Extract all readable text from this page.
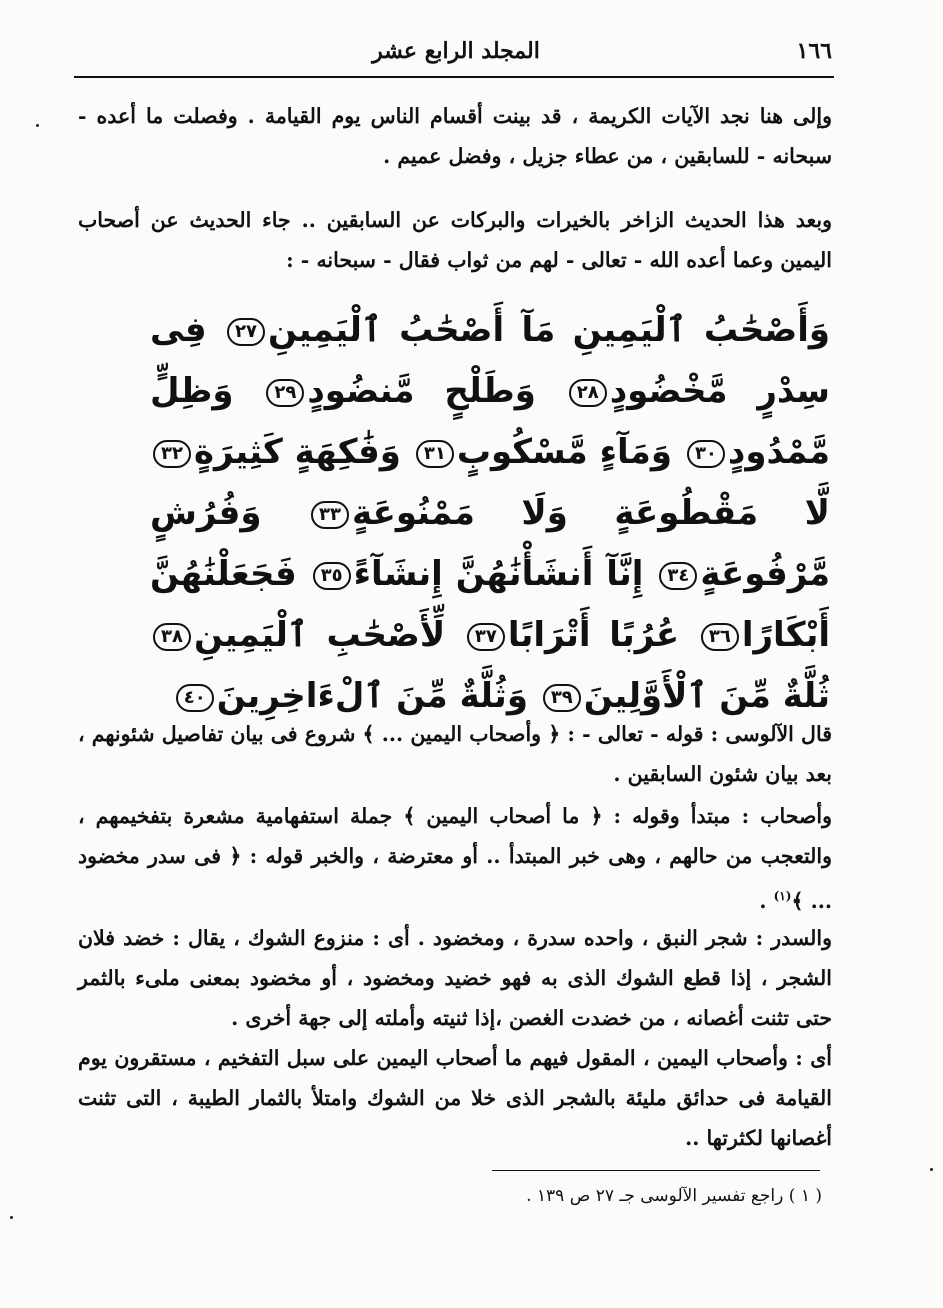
١٦٦
المجلد الرابع عشر

وإلى هنا نجد الآيات الكريمة ، قد بينت أقسام الناس يوم القيامة . وفصلت ما أعده - سبحانه - للسابقين ، من عطاء جزيل ، وفضل عميم .

وبعد هذا الحديث الزاخر بالخيرات والبركات عن السابقين .. جاء الحديث عن أصحاب اليمين وعما أعده الله - تعالى - لهم من ثواب فقال - سبحانه - :

وَأَصْحَٰبُ ٱلْيَمِينِ مَآ أَصْحَٰبُ ٱلْيَمِينِ٢٧ فِى سِدْرٍ مَّخْضُودٍ٢٨ وَطَلْحٍ مَّنضُودٍ٢٩ وَظِلٍّ مَّمْدُودٍ٣٠ وَمَآءٍ مَّسْكُوبٍ٣١ وَفَٰكِهَةٍ كَثِيرَةٍ٣٢ لَّا مَقْطُوعَةٍ وَلَا مَمْنُوعَةٍ٣٣ وَفُرُشٍ مَّرْفُوعَةٍ٣٤ إِنَّآ أَنشَأْنَٰهُنَّ إِنشَآءً٣٥ فَجَعَلْنَٰهُنَّ أَبْكَارًا٣٦ عُرُبًا أَتْرَابًا٣٧ لِّأَصْحَٰبِ ٱلْيَمِينِ٣٨ ثُلَّةٌ مِّنَ ٱلْأَوَّلِينَ٣٩ وَثُلَّةٌ مِّنَ ٱلْءَاخِرِينَ٤٠

قال الآلوسى : قوله - تعالى - : ﴿ وأصحاب اليمين ... ﴾ شروع فى بيان تفاصيل شئونهم ، بعد بيان شئون السابقين .

وأصحاب : مبتدأ وقوله : ﴿ ما أصحاب اليمين ﴾ جملة استفهامية مشعرة بتفخيمهم ، والتعجب من حالهم ، وهى خبر المبتدأ .. أو معترضة ، والخبر قوله : ﴿ فى سدر مخضود ... ﴾$^{(١)}$ .

والسدر : شجر النبق ، واحده سدرة ، ومخضود . أى : منزوع الشوك ، يقال : خضد فلان الشجر ، إذا قطع الشوك الذى به فهو خضيد ومخضود ، أو مخضود بمعنى ملىء بالثمر حتى تثنت أغصانه ، من خضدت الغصن ،إذا ثنيته وأملته إلى جهة أخرى .

أى : وأصحاب اليمين ، المقول فيهم ما أصحاب اليمين على سبل التفخيم ، مستقرون يوم القيامة فى حدائق مليئة بالشجر الذى خلا من الشوك وامتلأ بالثمار الطيبة ، التى تثنت أغصانها لكثرتها ..

( ١ ) راجع تفسير الآلوسى جـ ٢٧ ص ١٣٩ .
